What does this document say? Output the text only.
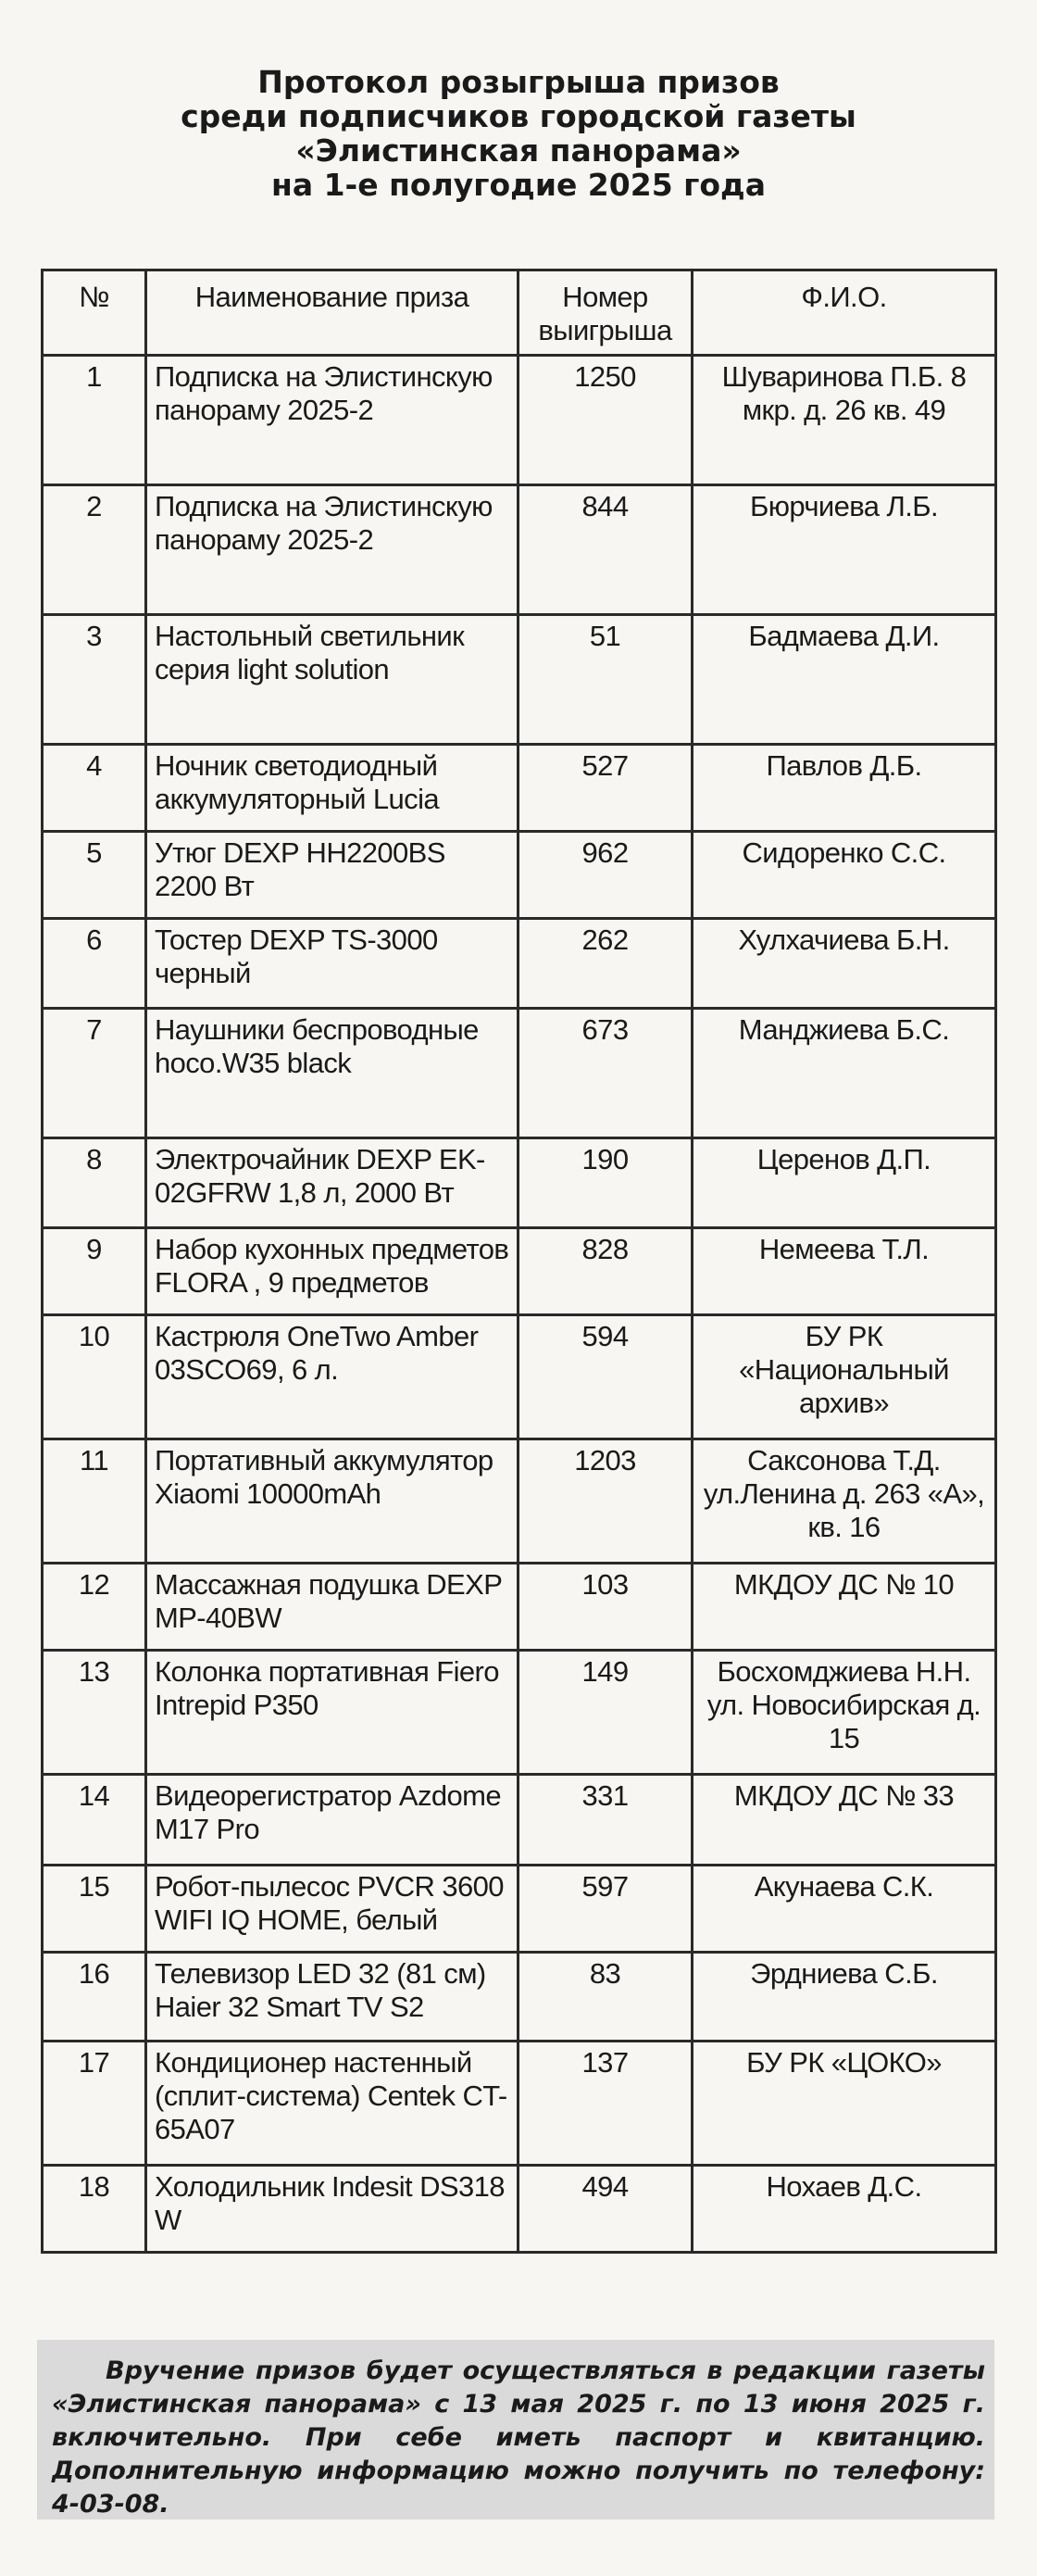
Протокол розыгрыша призов
среди подписчиков городской газеты
«Элистинская панорама»
на 1-е полугодие 2025 года
№	Наименование приза	Номер выигрыша	Ф.И.О.
1	Подписка на Элистинскую панораму 2025-2	1250	Шуваринова П.Б. 8 мкр. д. 26 кв. 49
2	Подписка на Элистинскую панораму 2025-2	844	Бюрчиева Л.Б.
3	Настольный светильник серия light solution	51	Бадмаева Д.И.
4	Ночник светодиодный аккумуляторный Lucia	527	Павлов Д.Б.
5	Утюг DEXP HH2200BS 2200 Вт	962	Сидоренко С.С.
6	Тостер DEXP TS-3000 черный	262	Хулхачиева Б.Н.
7	Наушники беспроводные hoco.W35 black	673	Манджиева Б.С.
8	Электрочайник DEXP EK-02GFRW 1,8 л, 2000 Вт	190	Церенов Д.П.
9	Набор кухонных предметов FLORA , 9 предметов	828	Немеева Т.Л.
10	Кастрюля OneTwo Amber 03SCO69, 6 л.	594	БУ РК «Национальный архив»
11	Портативный аккумулятор Xiaomi 10000mAh	1203	Саксонова Т.Д. ул.Ленина д. 263 «А», кв. 16
12	Массажная подушка DEXP MP-40BW	103	МКДОУ ДС № 10
13	Колонка портативная Fiero Intrepid P350	149	Босхомджиева Н.Н. ул. Новосибирская д. 15
14	Видеорегистратор Azdome M17 Pro	331	МКДОУ ДС № 33
15	Робот-пылесос PVCR 3600 WIFI IQ HOME, белый	597	Акунаева С.К.
16	Телевизор LED 32 (81 см) Haier 32 Smart TV S2	83	Эрдниева С.Б.
17	Кондиционер настенный (сплит-система) Centek CT-65A07	137	БУ РК «ЦОКО»
18	Холодильник Indesit DS318 W	494	Нохаев Д.С.
Вручение призов будет осуществляться в редакции газеты «Элистинская панорама» с 13 мая 2025 г. по 13 июня 2025 г. включительно. При себе иметь паспорт и квитанцию. Дополнительную информацию можно получить по телефону: 4-03-08.
